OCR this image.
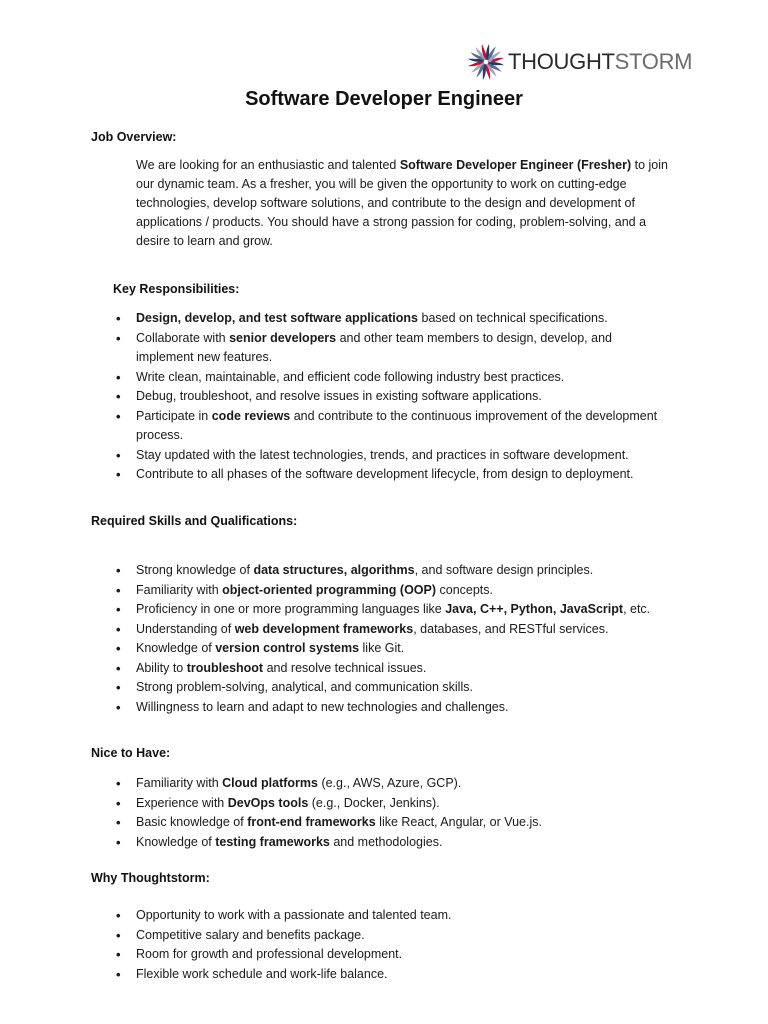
THOUGHTSTORM
Software Developer Engineer
Job Overview:

We are looking for an enthusiastic and talented Software Developer Engineer (Fresher) to join our dynamic team. As a fresher, you will be given the opportunity to work on cutting-edge technologies, develop software solutions, and contribute to the design and development of applications / products. You should have a strong passion for coding, problem-solving, and a desire to learn and grow.

Key Responsibilities:
• Design, develop, and test software applications based on technical specifications.
• Collaborate with senior developers and other team members to design, develop, and implement new features.
• Write clean, maintainable, and efficient code following industry best practices.
• Debug, troubleshoot, and resolve issues in existing software applications.
• Participate in code reviews and contribute to the continuous improvement of the development process.
• Stay updated with the latest technologies, trends, and practices in software development.
• Contribute to all phases of the software development lifecycle, from design to deployment.
Required Skills and Qualifications:
• Strong knowledge of data structures, algorithms, and software design principles.
• Familiarity with object-oriented programming (OOP) concepts.
• Proficiency in one or more programming languages like Java, C++, Python, JavaScript, etc.
• Understanding of web development frameworks, databases, and RESTful services.
• Knowledge of version control systems like Git.
• Ability to troubleshoot and resolve technical issues.
• Strong problem-solving, analytical, and communication skills.
• Willingness to learn and adapt to new technologies and challenges.
Nice to Have:
• Familiarity with Cloud platforms (e.g., AWS, Azure, GCP).
• Experience with DevOps tools (e.g., Docker, Jenkins).
• Basic knowledge of front-end frameworks like React, Angular, or Vue.js.
• Knowledge of testing frameworks and methodologies.
Why Thoughtstorm:
• Opportunity to work with a passionate and talented team.
• Competitive salary and benefits package.
• Room for growth and professional development.
• Flexible work schedule and work-life balance.
